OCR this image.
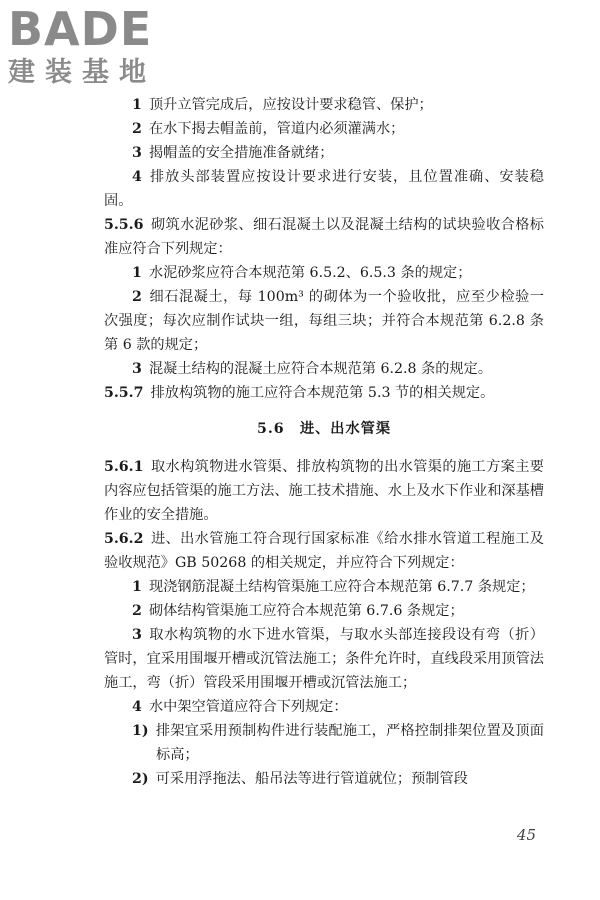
BADE
建装基地

1  顶升立管完成后，应按设计要求稳管、保护；

2  在水下揭去帽盖前，管道内必须灌满水；

3  揭帽盖的安全措施准备就绪；

4  排放头部装置应按设计要求进行安装，且位置准确、安装稳固。

5.5.6  砌筑水泥砂浆、细石混凝土以及混凝土结构的试块验收合格标准应符合下列规定：

1  水泥砂浆应符合本规范第 6.5.2、6.5.3 条的规定；

2  细石混凝土，每 100m³ 的砌体为一个验收批，应至少检验一次强度；每次应制作试块一组，每组三块；并符合本规范第 6.2.8 条第 6 款的规定；

3  混凝土结构的混凝土应符合本规范第 6.2.8 条的规定。

5.5.7  排放构筑物的施工应符合本规范第 5.3 节的相关规定。

5.6　 进、出水管渠

5.6.1  取水构筑物进水管渠、排放构筑物的出水管渠的施工方案主要内容应包括管渠的施工方法、施工技术措施、水上及水下作业和深基槽作业的安全措施。

5.6.2  进、出水管施工符合现行国家标准《给水排水管道工程施工及验收规范》GB 50268 的相关规定，并应符合下列规定：

1  现浇钢筋混凝土结构管渠施工应符合本规范第 6.7.7 条规定；

2  砌体结构管渠施工应符合本规范第 6.7.6 条规定；

3  取水构筑物的水下进水管渠，与取水头部连接段设有弯（折）管时，宜采用围堰开槽或沉管法施工；条件允许时，直线段采用顶管法施工，弯（折）管段采用围堰开槽或沉管法施工；

4  水中架空管道应符合下列规定：

1)  排架宜采用预制构件进行装配施工，严格控制排架位置及顶面标高；

2)  可采用浮拖法、船吊法等进行管道就位；预制管段

45
